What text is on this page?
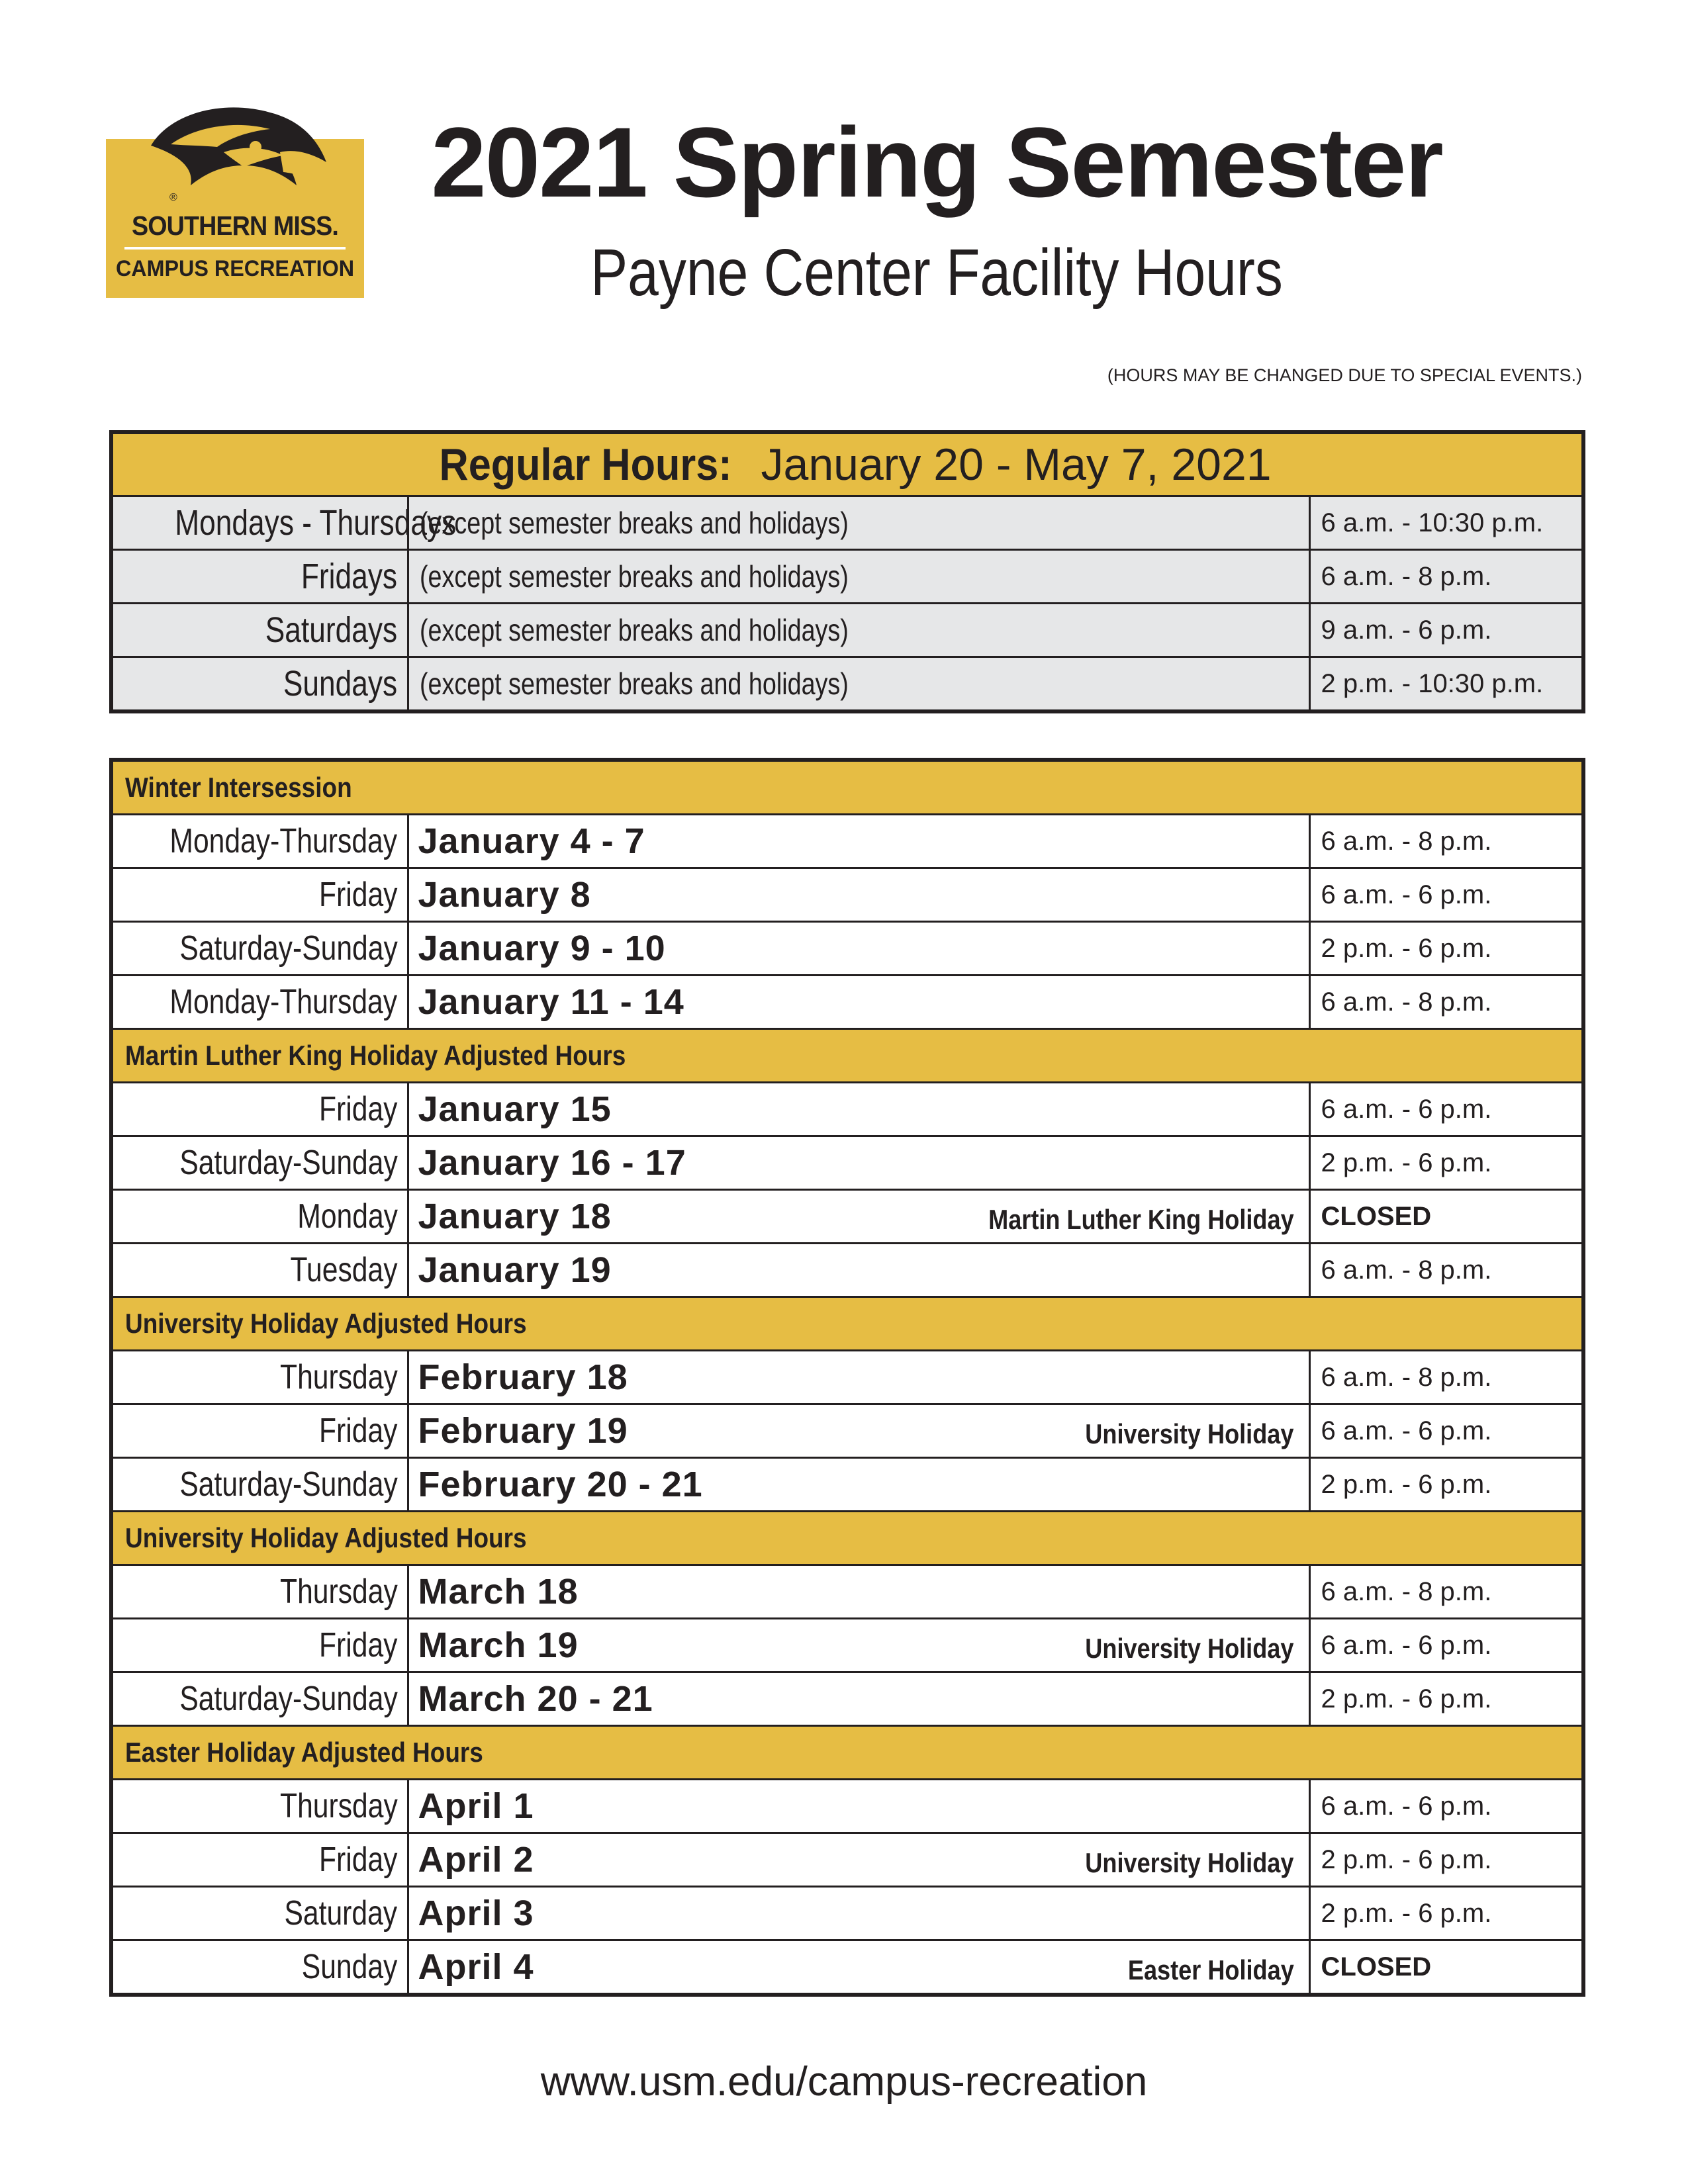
®
SOUTHERN MISS.
CAMPUS RECREATION
2021 Spring Semester
Payne Center Facility Hours
(HOURS MAY BE CHANGED DUE TO SPECIAL EVENTS.)
Regular Hours: January 20 - May 7, 2021		
Mondays - Thursdays	(except semester breaks and holidays)	6 a.m. - 10:30 p.m.
Fridays	(except semester breaks and holidays)	6 a.m. - 8 p.m.
Saturdays	(except semester breaks and holidays)	9 a.m. - 6 p.m.
Sundays	(except semester breaks and holidays)	2 p.m. - 10:30 p.m.
Winter Intersession		
Monday-Thursday	January 4 - 7	6 a.m. - 8 p.m.
Friday	January 8	6 a.m. - 6 p.m.
Saturday-Sunday	January 9 - 10	2 p.m. - 6 p.m.
Monday-Thursday	January 11 - 14	6 a.m. - 8 p.m.
Martin Luther King Holiday Adjusted Hours		
Friday	January 15	6 a.m. - 6 p.m.
Saturday-Sunday	January 16 - 17	2 p.m. - 6 p.m.
Monday	January 18 Martin Luther King Holiday	CLOSED
Tuesday	January 19	6 a.m. - 8 p.m.
University Holiday Adjusted Hours		
Thursday	February 18	6 a.m. - 8 p.m.
Friday	February 19 University Holiday	6 a.m. - 6 p.m.
Saturday-Sunday	February 20 - 21	2 p.m. - 6 p.m.
University Holiday Adjusted Hours		
Thursday	March 18	6 a.m. - 8 p.m.
Friday	March 19 University Holiday	6 a.m. - 6 p.m.
Saturday-Sunday	March 20 - 21	2 p.m. - 6 p.m.
Easter Holiday Adjusted Hours		
Thursday	April 1	6 a.m. - 6 p.m.
Friday	April 2 University Holiday	2 p.m. - 6 p.m.
Saturday	April 3	2 p.m. - 6 p.m.
Sunday	April 4 Easter Holiday	CLOSED
www.usm.edu/campus-recreation
